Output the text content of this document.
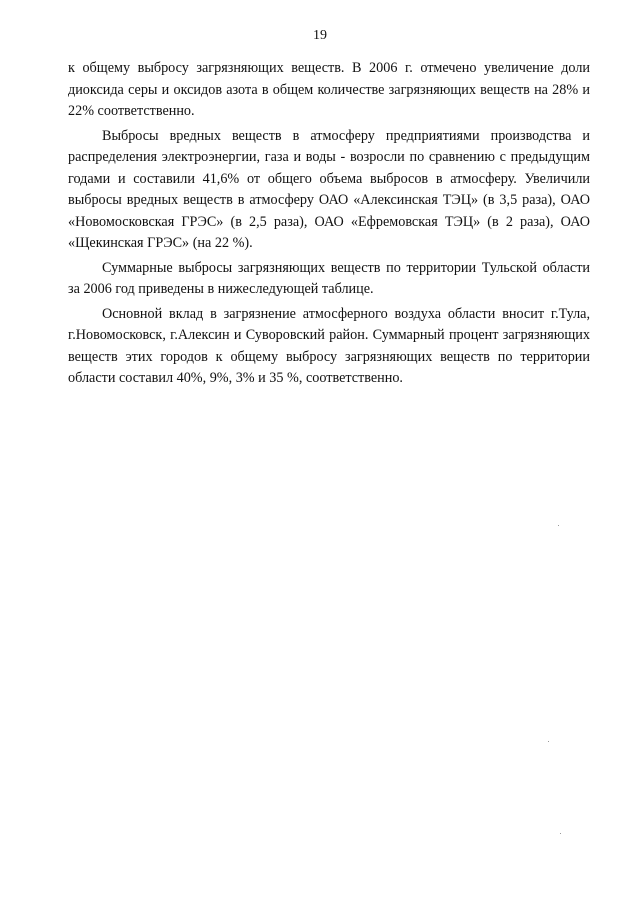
19

к общему выбросу загрязняющих веществ. В 2006 г. отмечено увеличение доли диоксида серы и оксидов азота в общем количестве загрязняющих веществ на 28% и 22% соответственно.

Выбросы вредных веществ в атмосферу предприятиями производства и распределения электроэнергии, газа и воды - возросли по сравнению с предыдущим годами и составили 41,6% от общего объема выбросов в атмосферу. Увеличили выбросы вредных веществ в атмосферу ОАО «Алексинская ТЭЦ» (в 3,5 раза), ОАО «Новомосковская ГРЭС» (в 2,5 раза), ОАО «Ефремовская ТЭЦ» (в 2 раза), ОАО «Щекинская ГРЭС» (на 22 %).

Суммарные выбросы загрязняющих веществ по территории Тульской области за 2006 год приведены в нижеследующей таблице.

Основной вклад в загрязнение атмосферного воздуха области вносит г.Тула, г.Новомосковск, г.Алексин и Суворовский район. Суммарный процент загрязняющих веществ этих городов к общему выбросу загрязняющих веществ по территории области составил 40%, 9%, 3% и 35 %, соответственно.
